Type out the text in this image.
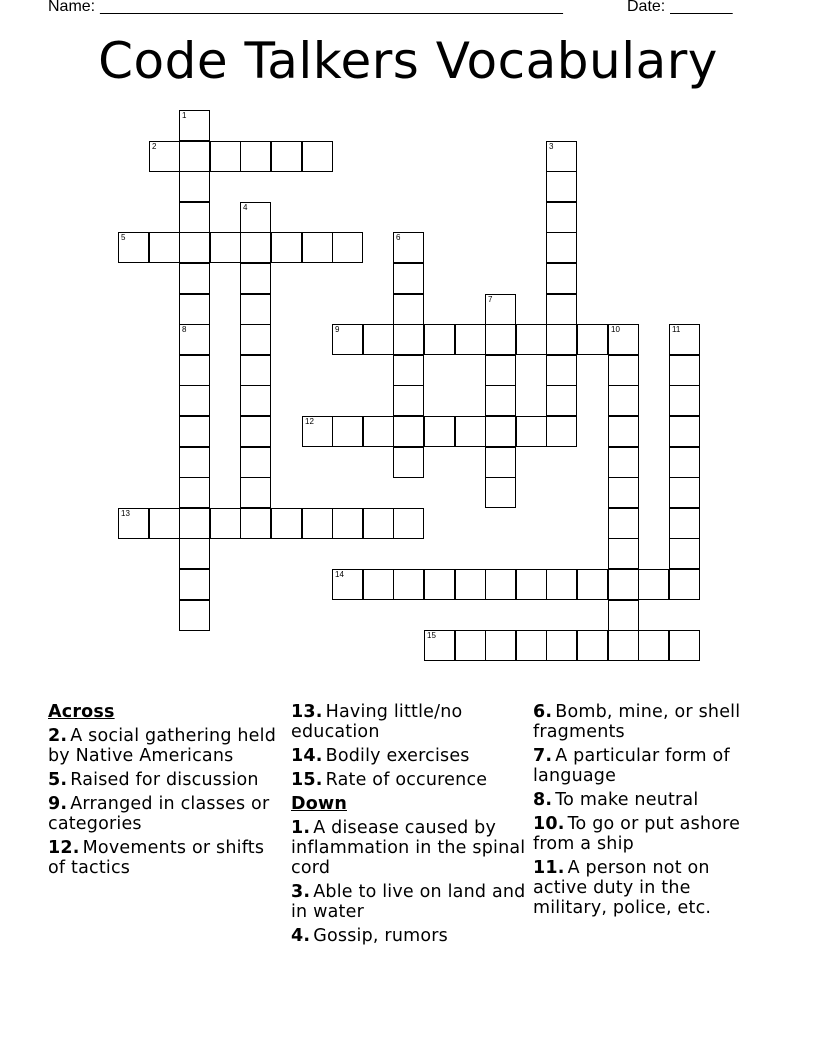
Name: ____________________________________________________	Date: _______
Code Talkers Vocabulary
1
8
2	3
4
5	6
7
9	10	11
12
13
14
15
Across
2. A social gathering held by Native Americans
5. Raised for discussion
9. Arranged in classes or categories
12. Movements or shifts of tactics
13. Having little/no education
14. Bodily exercises
15. Rate of occurence
Down
1. A disease caused by inflammation in the spinal cord
3. Able to live on land and in water
4. Gossip, rumors
6. Bomb, mine, or shell fragments
7. A particular form of language
8. To make neutral
10. To go or put ashore from a ship
11. A person not on active duty in the military, police, etc.
